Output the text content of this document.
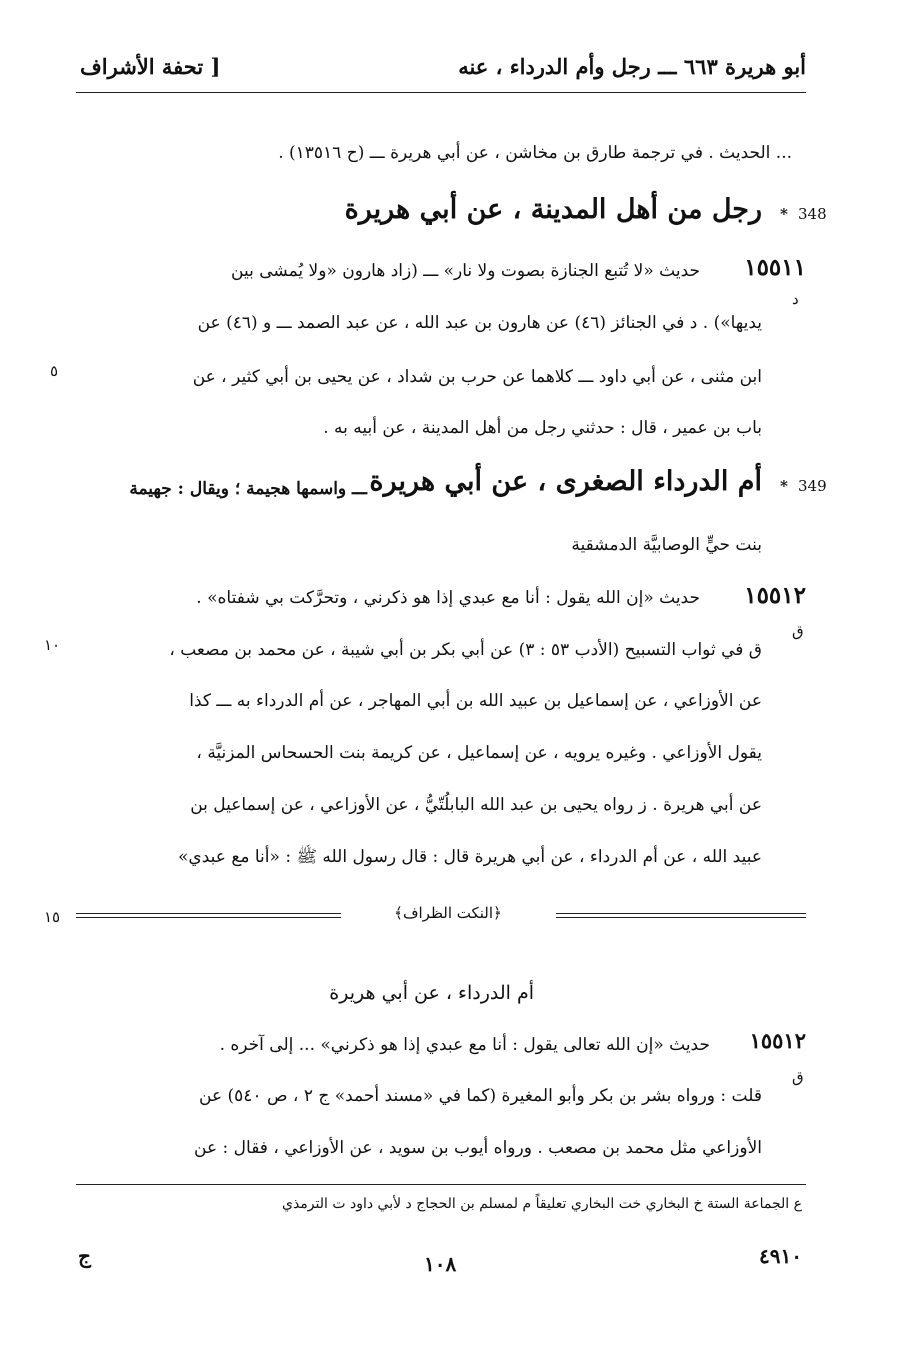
أبو هريرة ٦٦٣ ـــ رجل وأم الدرداء ، عنه
[ تحفة الأشراف
... الحديث . في ترجمة طارق بن مخاشن ، عن أبي هريرة ـــ (ح ١٣٥١٦) .
348
*
رجل من أهل المدينة ، عن أبي هريرة
١٥٥١١
د
حديث «لا تُتبع الجنازة بصوت ولا نار» ـــ (زاد هارون «ولا يُمشى بين
يديها») . د في الجنائز (٤٦) عن هارون بن عبد الله ، عن عبد الصمد ـــ و (٤٦) عن
ابن مثنى ، عن أبي داود ـــ كلاهما عن حرب بن شداد ، عن يحيى بن أبي كثير ، عن
٥
باب بن عمير ، قال : حدثني رجل من أهل المدينة ، عن أبيه به .
349
*
أم الدرداء الصغرى ، عن أبي هريرة
ـــ واسمها هجيمة ؛ ويقال : جهيمة
بنت حيٍّ الوصابيَّة الدمشقية
١٥٥١٢
ق
حديث «إن الله يقول : أنا مع عبدي إذا هو ذكرني ، وتحرَّكت بي شفتاه» .
ق في ثواب التسبيح (الأدب ٥٣ : ٣) عن أبي بكر بن أبي شيبة ، عن محمد بن مصعب ،
١٠
عن الأوزاعي ، عن إسماعيل بن عبيد الله بن أبي المهاجر ، عن أم الدرداء به ـــ كذا
يقول الأوزاعي . وغيره يرويه ، عن إسماعيل ، عن كريمة بنت الحسحاس المزنيَّة ،
عن أبي هريرة . ز رواه يحيى بن عبد الله البابلُتّيُّ ، عن الأوزاعي ، عن إسماعيل بن
عبيد الله ، عن أم الدرداء ، عن أبي هريرة قال : قال رسول الله ﷺ : «أنا مع عبدي»
﴿النكت الظراف﴾
١٥
أم الدرداء ، عن أبي هريرة
١٥٥١٢
ق
حديث «إن الله تعالى يقول : أنا مع عبدي إذا هو ذكرني» ... إلى آخره .
قلت : ورواه بشر بن بكر وأبو المغيرة (كما في «مسند أحمد» ج ٢ ، ص ٥٤٠) عن
الأوزاعي مثل محمد بن مصعب . ورواه أيوب بن سويد ، عن الأوزاعي ، فقال : عن
ع الجماعة الستة خ البخاري خت البخاري تعليقاً م لمسلم بن الحجاج د لأبي داود ت الترمذي
٤٩١٠
١٠٨
ج
